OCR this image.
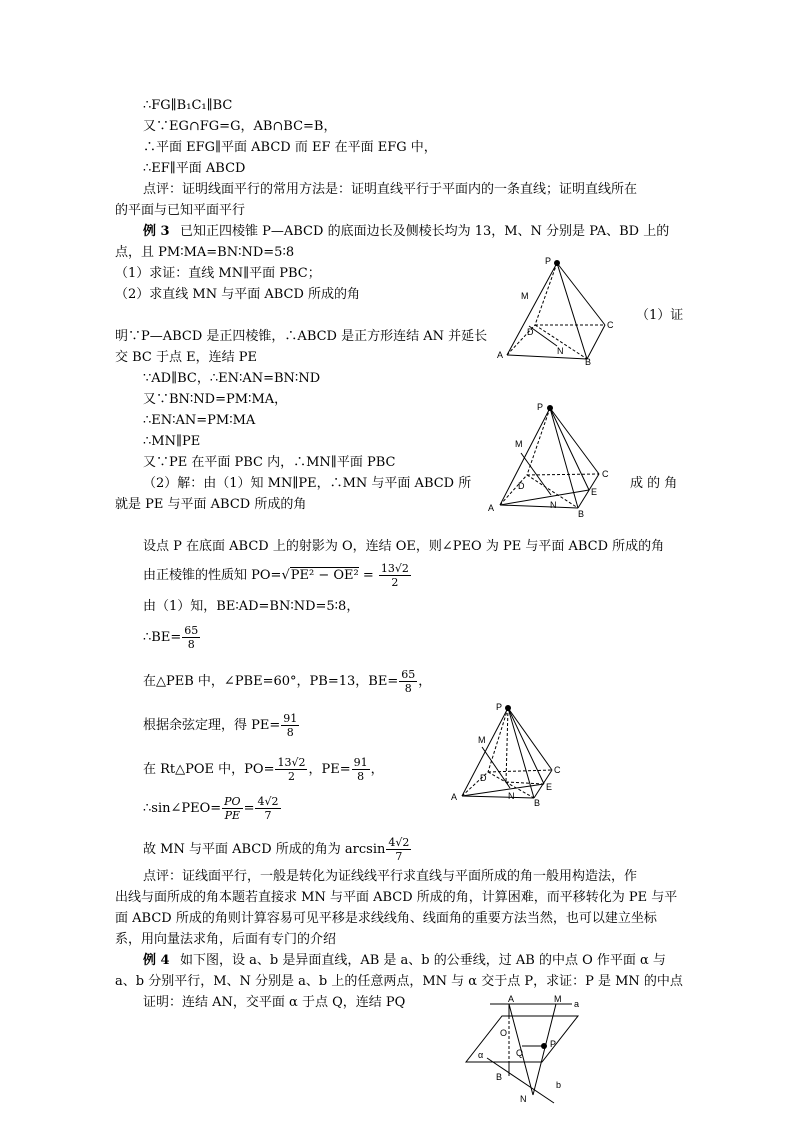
∴FG∥B₁C₁∥BC
又∵EG∩FG=G，AB∩BC=B，
∴平面 EFG∥平面 ABCD 而 EF 在平面 EFG 中，
∴EF∥平面 ABCD
点评：证明线面平行的常用方法是：证明直线平行于平面内的一条直线；证明直线所在
的平面与已知平面平行
例 3 已知正四棱锥 P—ABCD 的底面边长及侧棱长均为 13，M、N 分别是 PA、BD 上的
点，且 PM∶MA=BN∶ND=5∶8
（1）求证：直线 MN∥平面 PBC；
（2）求直线 MN 与平面 ABCD 所成的角
（1）证
明∵P—ABCD 是正四棱锥，∴ABCD 是正方形连结 AN 并延长
交 BC 于点 E，连结 PE
∵AD∥BC，∴EN∶AN=BN∶ND
又∵BN∶ND=PM∶MA，
∴EN∶AN=PM∶MA
∴MN∥PE
又∵PE 在平面 PBC 内，∴MN∥平面 PBC
（2）解：由（1）知 MN∥PE，∴MN 与平面 ABCD 所	成 的 角
就是 PE 与平面 ABCD 所成的角
设点 P 在底面 ABCD 上的射影为 O，连结 OE，则∠PEO 为 PE 与平面 ABCD 所成的角
由正棱锥的性质知 $PO=√PE^2 - OE^2 = \frac{13√2}{2}$
由（1）知，BE∶AD=BN∶ND=5∶8，
∴BE= $\frac{65}{8}$
在△PEB 中，∠PBE=60°，PB=13，$BE= \frac{65}{8}$ ，
根据余弦定理，得 $PE= \frac{91}{8}$
在 Rt△POE 中，$PO= \frac{13√2}{2}$ ，$PE= \frac{91}{8}$ ，
∴sin∠PEO= $\frac{PO}{PE} = \frac{4√2}{7}$
故 MN 与平面 ABCD 所成的角为 $\arcsin \frac{4√2}{7}$
点评：证线面平行，一般是转化为证线线平行求直线与平面所成的角一般用构造法，作
出线与面所成的角本题若直接求 MN 与平面 ABCD 所成的角，计算困难，而平移转化为 PE 与平
面 ABCD 所成的角则计算容易可见平移是求线线角、线面角的重要方法当然，也可以建立坐标
系，用向量法求角，后面有专门的介绍
例 4 如下图，设 a、b 是异面直线，AB 是 a、b 的公垂线，过 AB 的中点 O 作平面 α 与
a、b 分别平行，M、N 分别是 a、b 上的任意两点，MN 与 α 交于点 P，求证：P 是 MN 的中点
证明：连结 AN，交平面 α 于点 Q，连结 PQ
P
M
D
C
A	N
B
P
M
D
C
E
A	N
B
P
M
D
C
E
A	N
B
A	M a
O
Q
P
α
B
b
N
